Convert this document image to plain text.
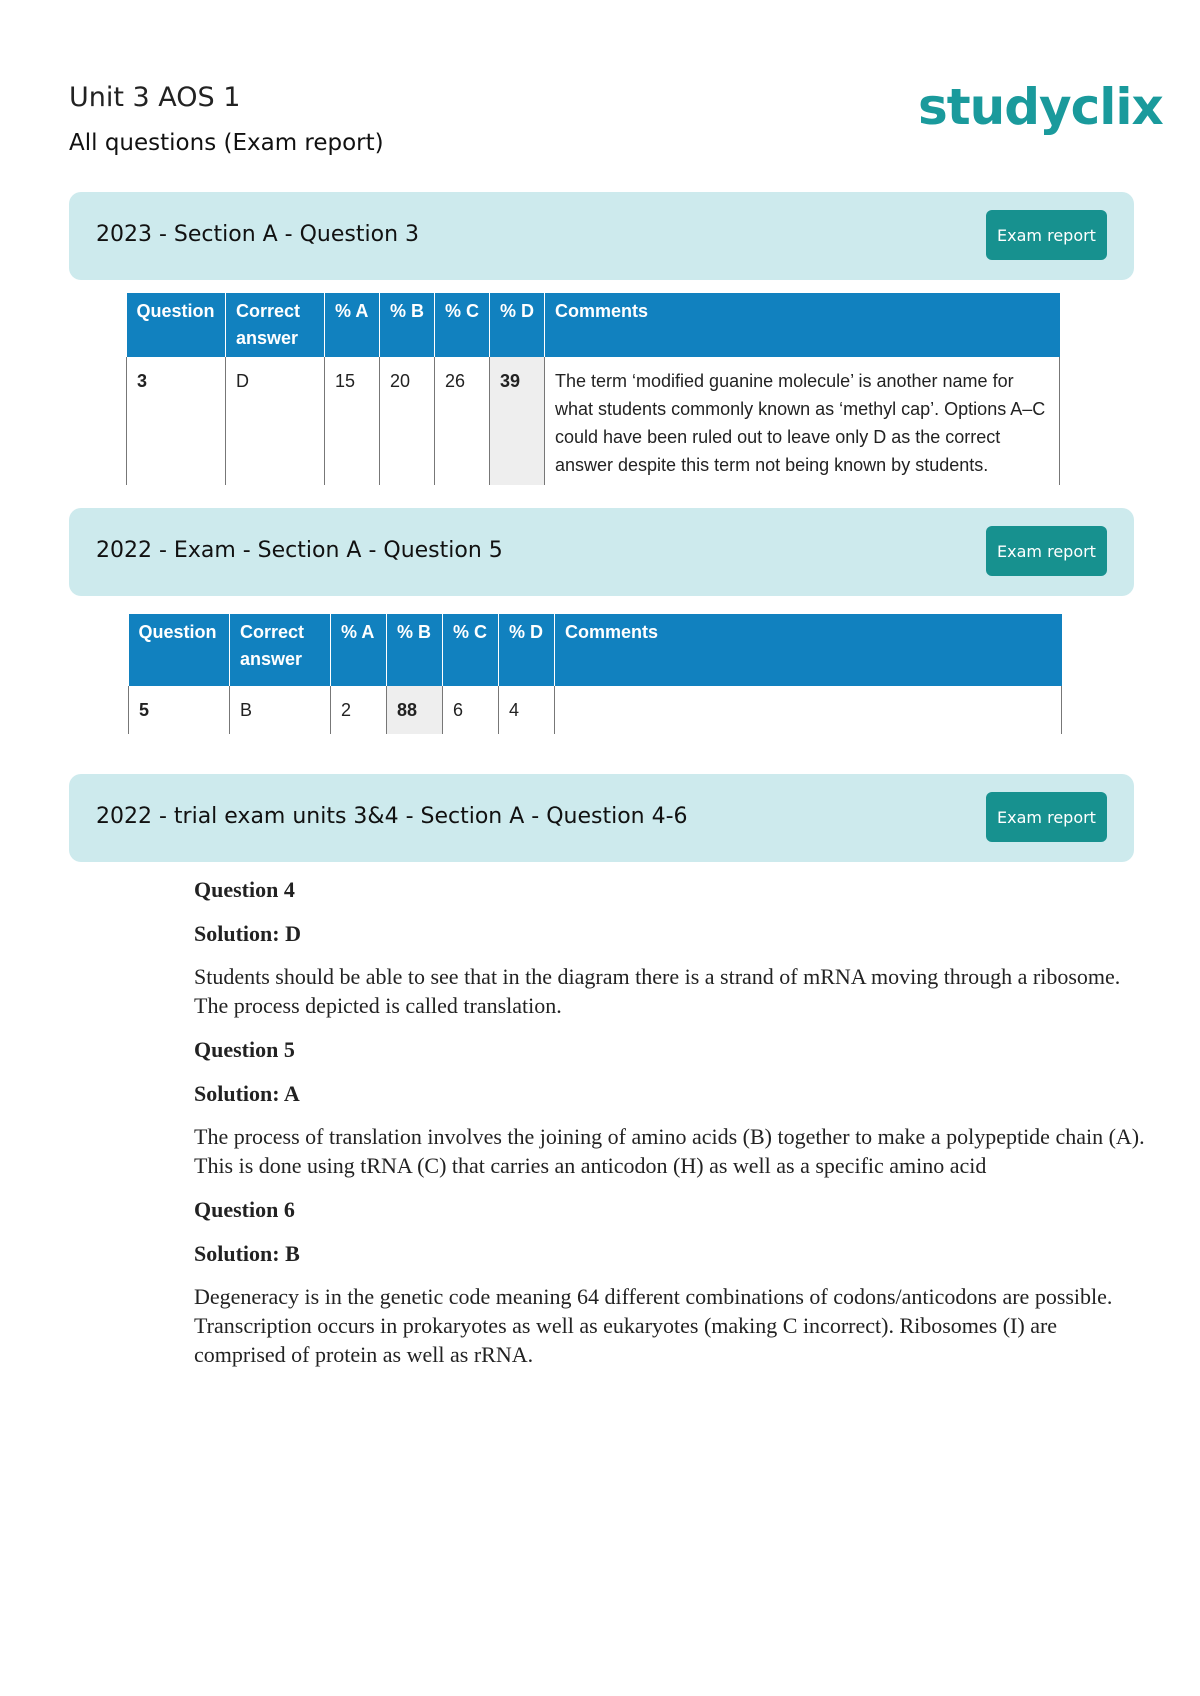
Unit 3 AOS 1
All questions (Exam report)
studyclix
2023 - Section A - Question 3	Exam report
Question	Correct answer	% A	% B	% C	% D	Comments
3	D	15	20	26	39	The term ‘modified guanine molecule’ is another name for what students commonly known as ‘methyl cap’. Options A–C could have been ruled out to leave only D as the correct answer despite this term not being known by students.
2022 - Exam - Section A - Question 5	Exam report
Question	Correct answer	% A	% B	% C	% D	Comments
5	B	2	88	6	4	
2022 - trial exam units 3&4 - Section A - Question 4-6	Exam report
Question 4
Solution: D
Students should be able to see that in the diagram there is a strand of mRNA moving through a ribosome. The process depicted is called translation.
Question 5
Solution: A
The process of translation involves the joining of amino acids (B) together to make a polypeptide chain (A). This is done using tRNA (C) that carries an anticodon (H) as well as a specific amino acid
Question 6
Solution: B
Degeneracy is in the genetic code meaning 64 different combinations of codons/anticodons are possible. Transcription occurs in prokaryotes as well as eukaryotes (making C incorrect). Ribosomes (I) are comprised of protein as well as rRNA.
